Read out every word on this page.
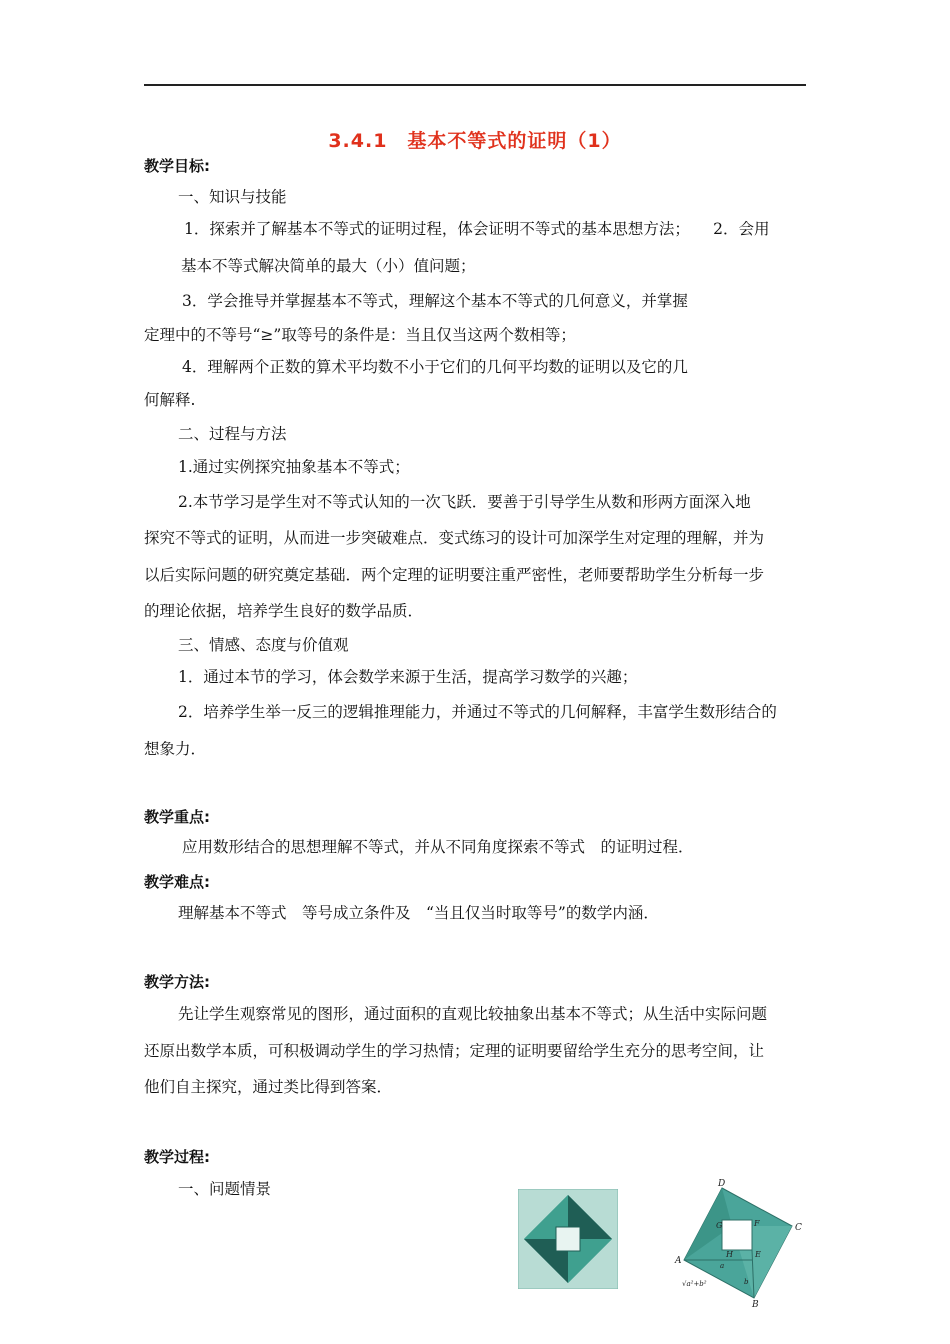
3.4.1　基本不等式的证明（1）
教学目标:
一、知识与技能
1．探索并了解基本不等式的证明过程，体会证明不等式的基本思想方法；　　2．会用
基本不等式解决简单的最大（小）值问题；
3．学会推导并掌握基本不等式，理解这个基本不等式的几何意义，并掌握
定理中的不等号“≥”取等号的条件是：当且仅当这两个数相等；
4．理解两个正数的算术平均数不小于它们的几何平均数的证明以及它的几
何解释.
二、过程与方法
1.通过实例探究抽象基本不等式；
2.本节学习是学生对不等式认知的一次飞跃．要善于引导学生从数和形两方面深入地
探究不等式的证明，从而进一步突破难点．变式练习的设计可加深学生对定理的理解，并为
以后实际问题的研究奠定基础．两个定理的证明要注重严密性，老师要帮助学生分析每一步
的理论依据，培养学生良好的数学品质．
三、情感、态度与价值观
1．通过本节的学习，体会数学来源于生活，提高学习数学的兴趣；
2．培养学生举一反三的逻辑推理能力，并通过不等式的几何解释，丰富学生数形结合的
想象力．
教学重点:
应用数形结合的思想理解不等式，并从不同角度探索不等式　的证明过程．
教学难点:
理解基本不等式　等号成立条件及　“当且仅当时取等号”的数学内涵．
教学方法:
先让学生观察常见的图形，通过面积的直观比较抽象出基本不等式；从生活中实际问题
还原出数学本质，可积极调动学生的学习热情；定理的证明要留给学生充分的思考空间，让
他们自主探究，通过类比得到答案．
教学过程:
一、问题情景	D
C
A
B
G	F
H	E
a
b
√a²+b²
